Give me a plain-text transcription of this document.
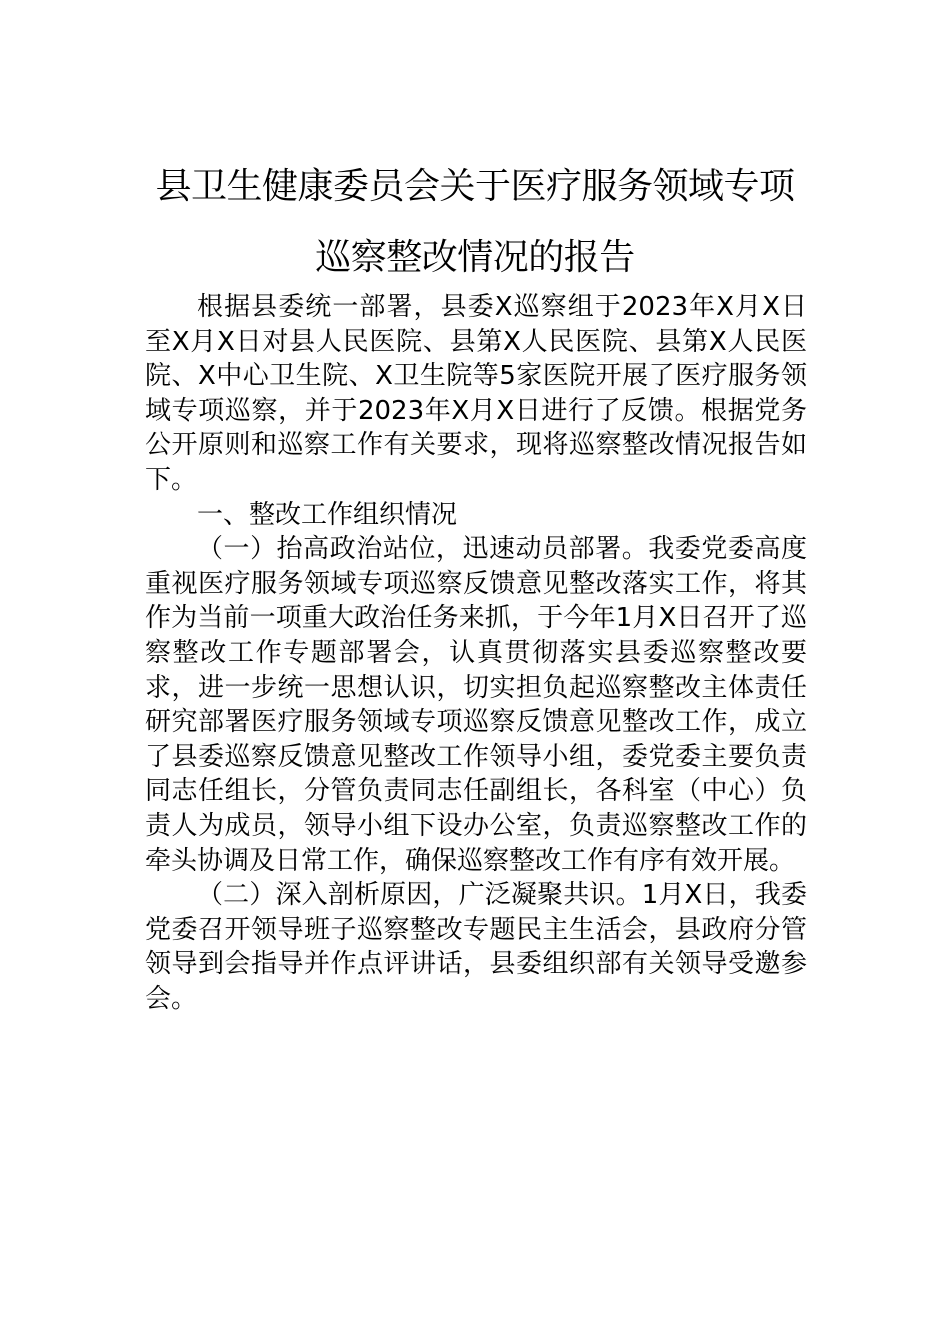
县卫生健康委员会关于医疗服务领域专项
巡察整改情况的报告

根据县委统一部署，县委X巡察组于2023年X月X日至X月X日对县人民医院、县第X人民医院、县第X人民医院、X中心卫生院、X卫生院等5家医院开展了医疗服务领域专项巡察，并于2023年X月X日进行了反馈。根据党务公开原则和巡察工作有关要求，现将巡察整改情况报告如下。

一、整改工作组织情况

（一）抬高政治站位，迅速动员部署。我委党委高度重视医疗服务领域专项巡察反馈意见整改落实工作，将其作为当前一项重大政治任务来抓，于今年1月X日召开了巡察整改工作专题部署会，认真贯彻落实县委巡察整改要求，进一步统一思想认识，切实担负起巡察整改主体责任研究部署医疗服务领域专项巡察反馈意见整改工作，成立了县委巡察反馈意见整改工作领导小组，委党委主要负责同志任组长，分管负责同志任副组长，各科室（中心）负责人为成员，领导小组下设办公室，负责巡察整改工作的牵头协调及日常工作，确保巡察整改工作有序有效开展。

（二）深入剖析原因，广泛凝聚共识。1月X日，我委党委召开领导班子巡察整改专题民主生活会，县政府分管领导到会指导并作点评讲话，县委组织部有关领导受邀参会。
